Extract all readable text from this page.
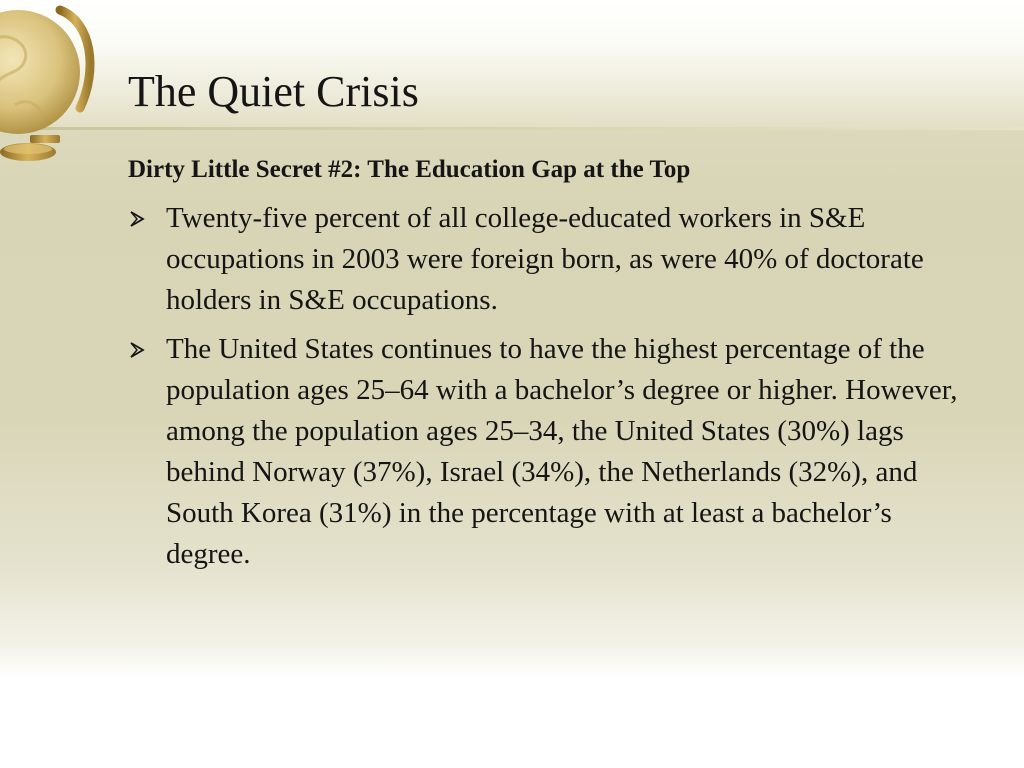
The Quiet Crisis
Dirty Little Secret #2: The Education Gap at the Top
Twenty-five percent of all college-educated workers in S&E occupations in 2003 were foreign born, as were 40% of doctorate holders in S&E occupations.
The United States continues to have the highest percentage of the population ages 25–64 with a bachelor’s degree or higher. However, among the population ages 25–34, the United States (30%) lags behind Norway (37%), Israel (34%), the Netherlands (32%), and South Korea (31%) in the percentage with at least a bachelor’s degree.
